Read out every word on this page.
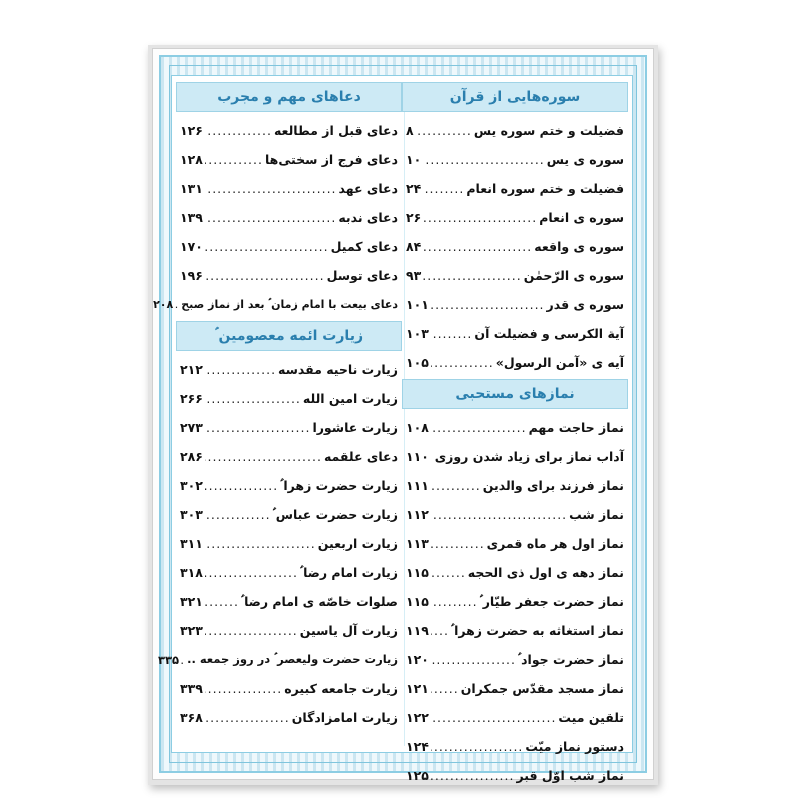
سوره‌هایی از قرآن
فضیلت و ختم سوره یس
.....
۸
سوره ی یس
.....
۱۰
فضیلت و ختم سوره انعام
.....
۲۴
سوره ی انعام
.....
۲۶
سوره ی واقعه
.....
۸۴
سوره ی الرّحمٰن
.....
۹۳
سوره ی قدر
.....
۱۰۱
آیة الکرسی و فضیلت آن
.....
۱۰۳
آیه ی «آمن الرسول»
.....
۱۰۵
نمازهای مستحبی
نماز حاجت مهم
.....
۱۰۸
آداب نماز برای زیاد شدن روزی
.....
۱۱۰
نماز فرزند برای والدین
.....
۱۱۱
نماز شب
.....
۱۱۲
نماز اول هر ماه قمری
.....
۱۱۳
نماز دهه ی اول ذی الحجه
.....
۱۱۵
نماز حضرت جعفر طیّار ؑ
.....
۱۱۵
نماز استغاثه به حضرت زهرا ؑ
.....
۱۱۹
نماز حضرت جواد ؑ
.....
۱۲۰
نماز مسجد مقدّس جمکران
.....
۱۲۱
تلقین میت
.....
۱۲۲
دستور نماز میّت
.....
۱۲۴
نماز شب اوّل قبر
.....
۱۲۵
دعاهای مهم و مجرب
دعای قبل از مطالعه
.....
۱۲۶
دعای فرج از سختی‌ها
.....
۱۲۸
دعای عهد
.....
۱۳۱
دعای ندبه
.....
۱۳۹
دعای کمیل
.....
۱۷۰
دعای توسل
.....
۱۹۶
دعای بیعت با امام زمان ؑ بعد از نماز صبح
.....
۲۰۸
زیارت ائمه معصومین ؑ
زیارت ناحیه مقدسه
.....
۲۱۲
زیارت امین الله
.....
۲۶۶
زیارت عاشورا
.....
۲۷۳
دعای علقمه
.....
۲۸۶
زیارت حضرت زهرا ؑ
.....
۳۰۲
زیارت حضرت عباس ؑ
.....
۳۰۳
زیارت اربعین
.....
۳۱۱
زیارت امام رضا ؑ
.....
۳۱۸
صلوات خاصّه ی امام رضا ؑ
.....
۳۲۱
زیارت آل یاسین
.....
۳۲۳
زیارت حضرت ولیعصر ؑ در روز جمعه ..
.....
۳۳۵
زیارت جامعه کبیره
.....
۳۳۹
زیارت امامزادگان
.....
۳۶۸
